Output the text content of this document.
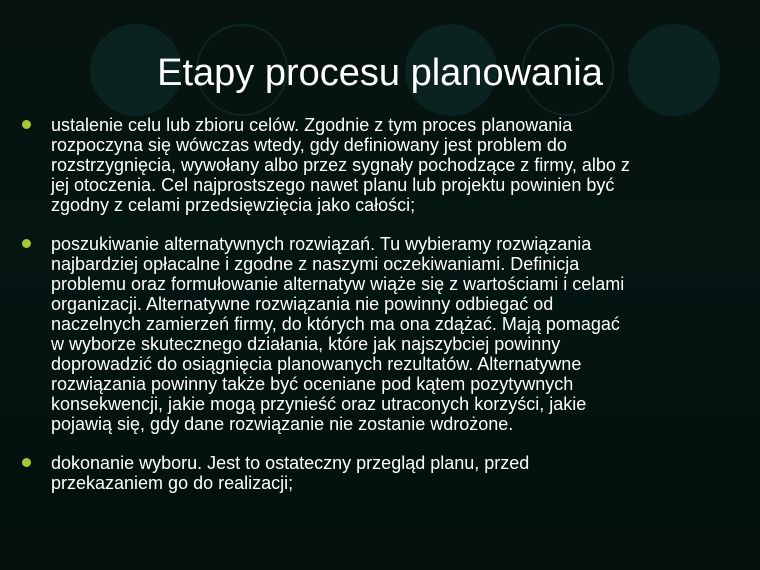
Etapy procesu planowania
ustalenie celu lub zbioru celów. Zgodnie z tym proces planowania
rozpoczyna się wówczas wtedy, gdy definiowany jest problem do
rozstrzygnięcia, wywołany albo przez sygnały pochodzące z firmy, albo z
jej otoczenia. Cel najprostszego nawet planu lub projektu powinien być
zgodny z celami przedsięwzięcia jako całości;
poszukiwanie alternatywnych rozwiązań. Tu wybieramy rozwiązania
najbardziej opłacalne i zgodne z naszymi oczekiwaniami. Definicja
problemu oraz formułowanie alternatyw wiąże się z wartościami i celami
organizacji. Alternatywne rozwiązania nie powinny odbiegać od
naczelnych zamierzeń firmy, do których ma ona zdążać. Mają pomagać
w wyborze skutecznego działania, które jak najszybciej powinny
doprowadzić do osiągnięcia planowanych rezultatów. Alternatywne
rozwiązania powinny także być oceniane pod kątem pozytywnych
konsekwencji, jakie mogą przynieść oraz utraconych korzyści, jakie
pojawią się, gdy dane rozwiązanie nie zostanie wdrożone.
dokonanie wyboru. Jest to ostateczny przegląd planu, przed
przekazaniem go do realizacji;
